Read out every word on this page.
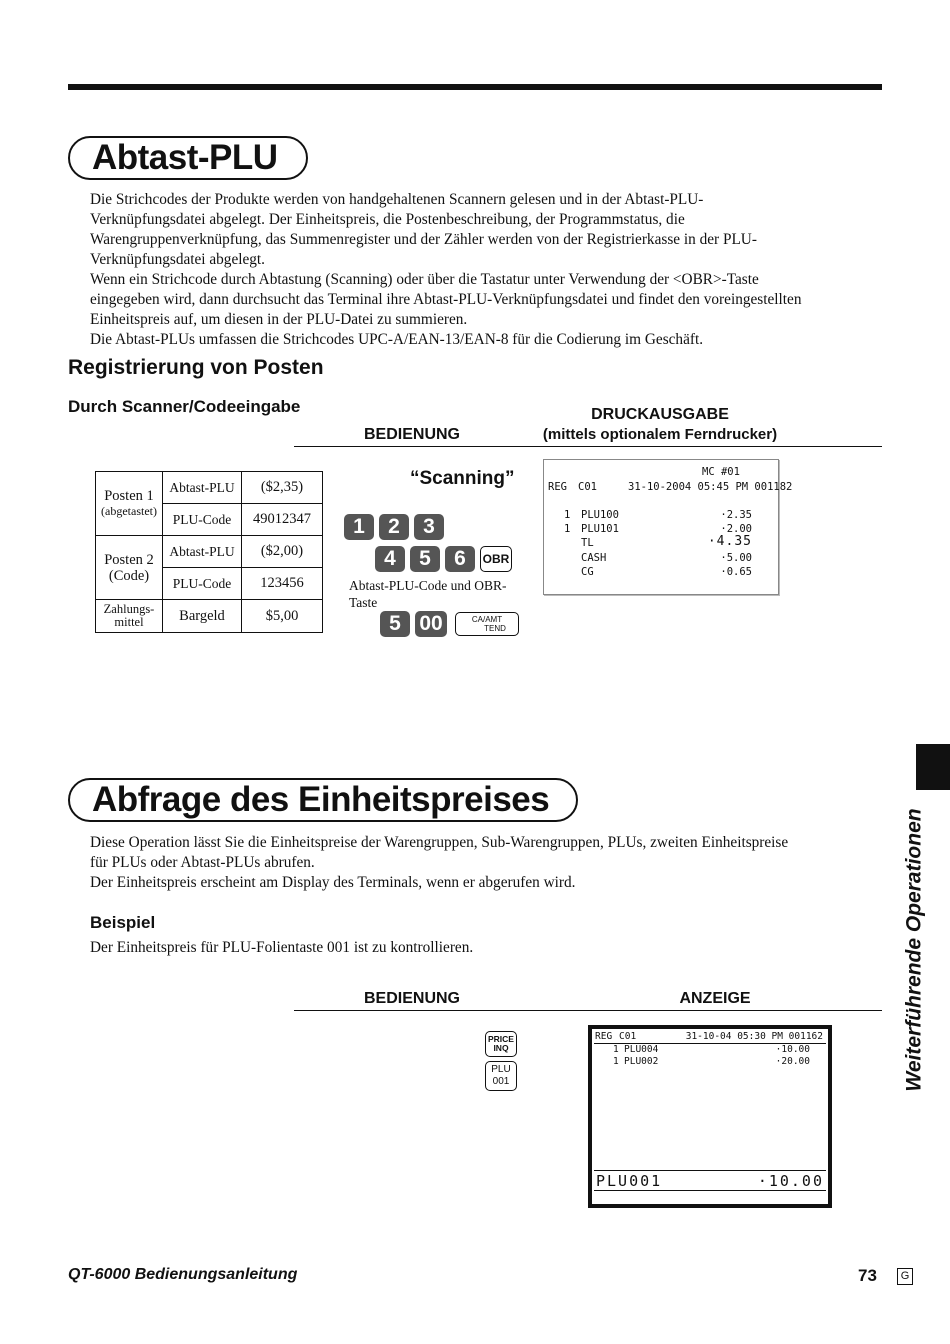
Abtast-PLU

Die Strichcodes der Produkte werden von handgehaltenen Scannern gelesen und in der Abtast-PLU-

Verknüpfungsdatei abgelegt. Der Einheitspreis, die Postenbeschreibung, der Programmstatus, die

Warengruppenverknüpfung, das Summenregister und der Zähler werden von der Registrierkasse in der PLU-

Verknüpfungsdatei abgelegt.

Wenn ein Strichcode durch Abtastung (Scanning) oder über die Tastatur unter Verwendung der <OBR>-Taste

eingegeben wird, dann durchsucht das Terminal ihre Abtast-PLU-Verknüpfungsdatei und findet den voreingestellten

Einheitspreis auf, um diesen in der PLU-Datei zu summieren.

Die Abtast-PLUs umfassen die Strichcodes UPC-A/EAN-13/EAN-8 für die Codierung im Geschäft.

Registrierung von Posten
Durch Scanner/Codeeingabe
BEDIENUNG
DRUCKAUSGABE
(mittels optionalem Ferndrucker)
Posten 1
(abgetastet)	Abtast-PLU	($2,35)
	PLU-Code	49012347

Posten 2
(Code)	Abtast-PLU	($2,00)
	PLU-Code	123456

Zahlungs-
mittel	Bargeld	$5,00
“Scanning”
1	2	3
4	5	6	OBR
Abtast-PLU-Code und OBR-
Taste
5 00	CA/AMT
TEND
MC #01
REG C01	31-10-2004 05:45 PM 001182
1 PLU100	·2.35
1 PLU101	·2.00
TL	·4.35
CASH	·5.00
CG	·0.65
Abfrage des Einheitspreises

Diese Operation lässt Sie die Einheitspreise der Warengruppen, Sub-Warengruppen, PLUs, zweiten Einheitspreise

für PLUs oder Abtast-PLUs abrufen.

Der Einheitspreis erscheint am Display des Terminals, wenn er abgerufen wird.

Beispiel
Der Einheitspreis für PLU-Folientaste 001 ist zu kontrollieren.
BEDIENUNG	ANZEIGE
PRICE
INQ
PLU
001
REG C01	31-10-04 05:30 PM 001162
1 PLU004	·10.00
1 PLU002	·20.00
PLU001	·10.00
Weiterführende Operationen
QT-6000 Bedienungsanleitung	73	G
